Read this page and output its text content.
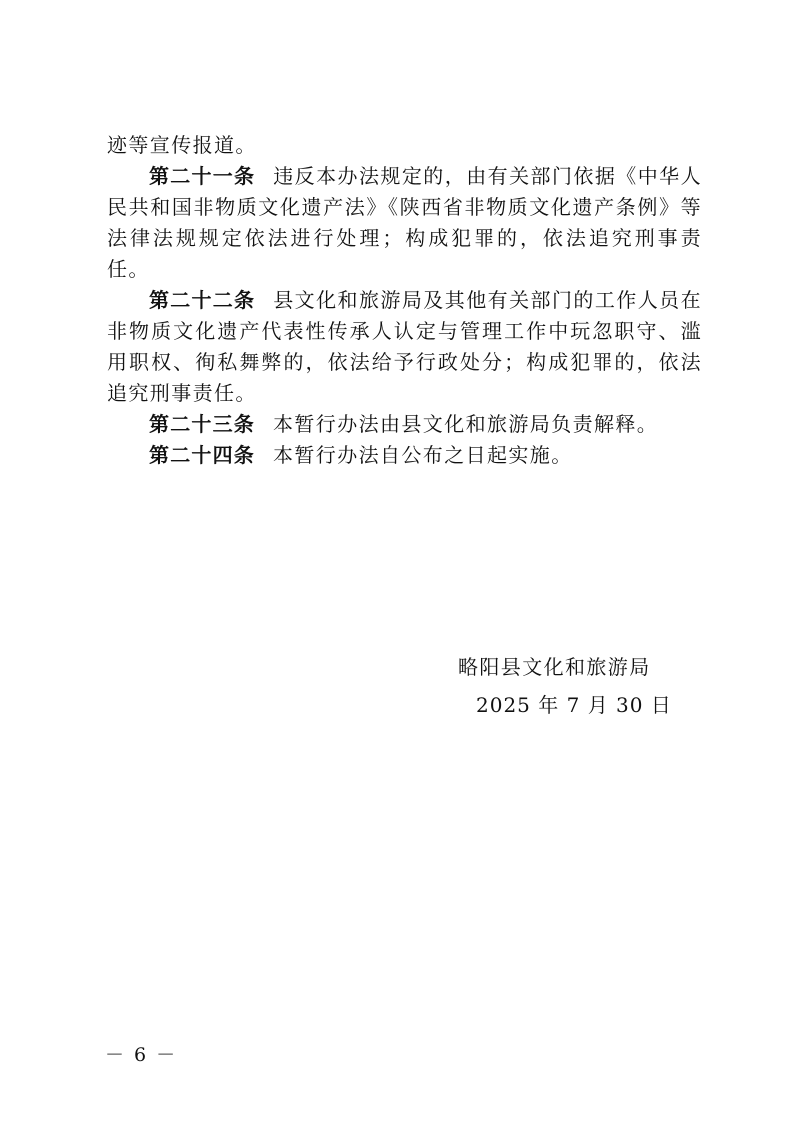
迹等宣传报道。

第二十一条 违反本办法规定的，由有关部门依据《中华人民共和国非物质文化遗产法》《陕西省非物质文化遗产条例》等法律法规规定依法进行处理；构成犯罪的，依法追究刑事责任。

第二十二条 县文化和旅游局及其他有关部门的工作人员在非物质文化遗产代表性传承人认定与管理工作中玩忽职守、滥用职权、徇私舞弊的，依法给予行政处分；构成犯罪的，依法追究刑事责任。

第二十三条 本暂行办法由县文化和旅游局负责解释。

第二十四条 本暂行办法自公布之日起实施。

略阳县文化和旅游局
2025 年 7 月 30 日
－ 6 －
